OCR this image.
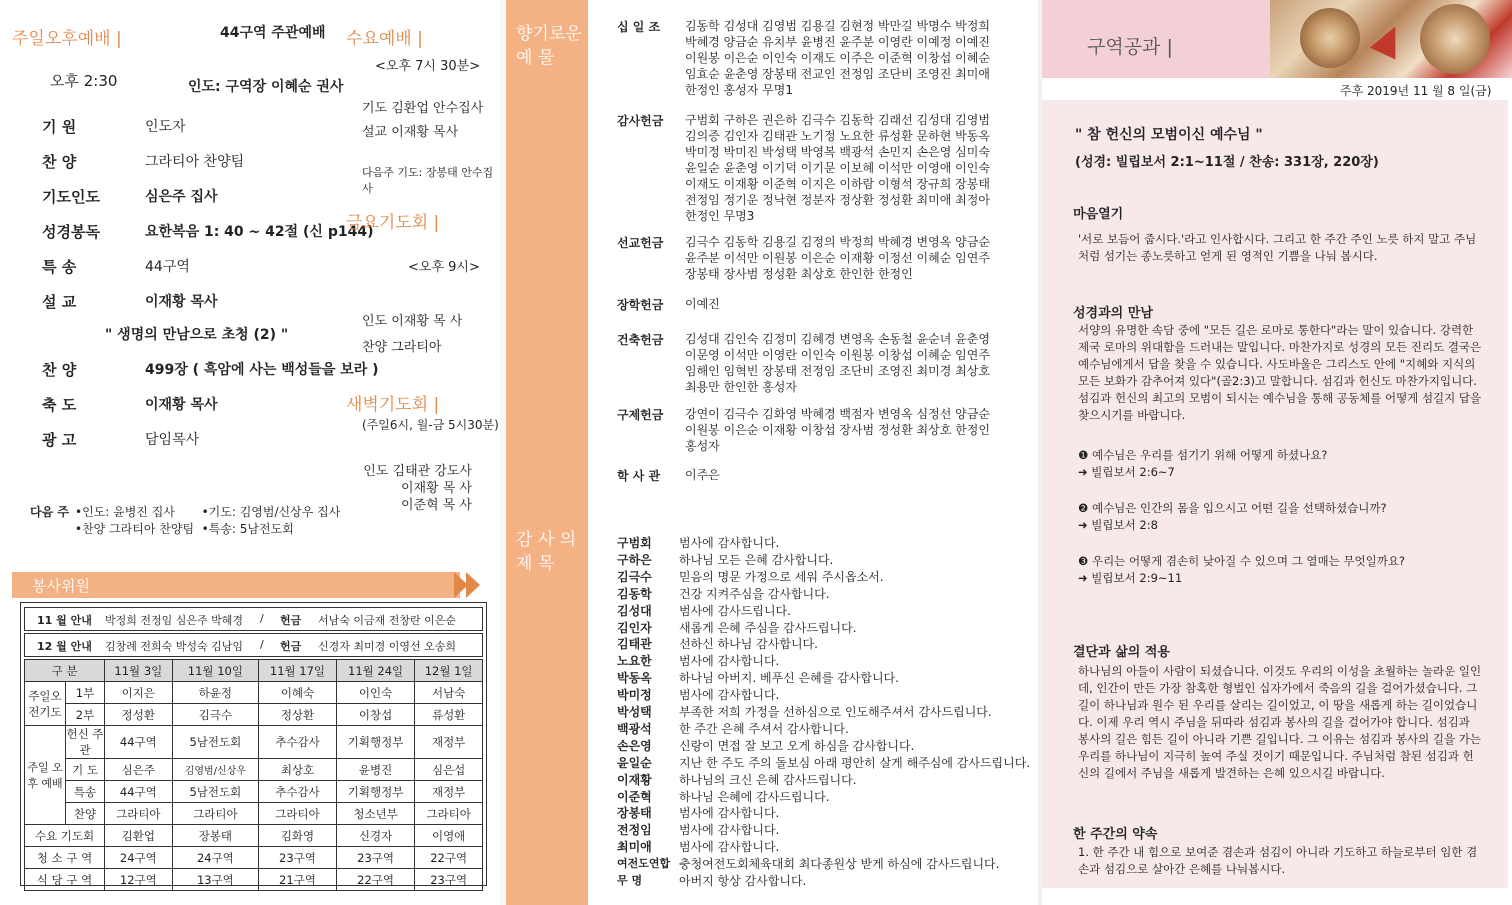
주일오후예배 |	44구역 주관예배
오후 2:30	인도: 구역장 이혜순 권사
기 원	인도자
찬 양	그라티아 찬양팀
기도인도	심은주 집사
성경봉독	요한복음 1: 40 ~ 42절 (신 p144)
특 송	44구역
설 교	이재황 목사
" 생명의 만남으로 초청 (2) "
찬 양	499장 ( 흑암에 사는 백성들을 보라 )
축 도	이재황 목사
광 고	담임목사
다음 주 •인도: 윤병진 집사       •기도: 김영범/신상우 집사
•찬양 그라티아 찬양팀  •특송: 5남전도회
수요예배 |
<오후 7시 30분>
기도 김환업 안수집사
설교 이재황 목사
다음주 기도: 장봉태 안수집사
금요기도회 |
<오후 9시>
인도 이재황 목 사
찬양 그라티아
새벽기도회 |
(주일6시, 월-금 5시30분)
인도 김태관 강도사
이재황 목 사
이준혁 목 사
봉사위원
11 월 안내 박정희 전정임 심은주 박혜경 / 헌금 서남숙 이금재 전창란 이은순
12 월 안내 김창례 전희숙 박성숙 김남임 / 헌금 신경자 최미경 이영선 오송희
구 분		11월 3일	11월 10일	11월 17일	11월 24일	12월 1일
주일오전기도	1부	이지은	하윤정	이혜숙	이인숙	서남숙
	2부	정성환	김극수	정상환	이창섭	류성환
주일 오후 예배	헌신 주관	44구역	5남전도회	추수감사	기획행정부	재정부
	기 도	심은주	김영범/신상우	최상호	윤병진	심은섭
	특송	44구역	5남전도회	추수감사	기획행정부	재정부
	찬양	그라티아	그라티아	그라티아	청소년부	그라티아
수요 기도회		김환업	장봉태	김화영	신경자	이영애
청 소 구 역		24구역	24구역	23구역	23구역	22구역
식 당 구 역		12구역	13구역	21구역	22구역	23구역
향기로운
예 물
감 사 의
제 목
십 일 조	김동학 김성대 김영범 김용길 김현정 박만길 박명수 박정희 박혜경 양금순 유치부 윤병진 윤주분 이영란 이예정 이예진 이원봉 이은순 이인숙 이재도 이주은 이준혁 이창섭 이혜순 임효순 윤춘영 장봉태 전교인 전정임 조단비 조영진 최미애 한정인 홍성자 무명1
감사헌금	구범회 구하은 권은하 김극수 김동학 김래선 김성대 김영범 김의증 김인자 김태관 노기정 노요한 류성환 문하현 박동옥 박미정 박미진 박성택 박영복 백광석 손민지 손은영 심미숙 윤일순 윤춘영 이기덕 이기문 이보혜 이석만 이영애 이인숙 이재도 이재황 이준혁 이지은 이하람 이형석 장규희 장봉태 전정임 정기운 정낙현 정분자 정상환 정성환 최미애 최정아 한정인 무명3
선교헌금	김극수 김동학 김용길 김정의 박정희 박혜경 변영옥 양금순 윤주분 이석만 이원봉 이은순 이재황 이정선 이혜순 임연주 장봉태 장사범 정성환 최상호 한인한 한정인
장학헌금	이예진
건축헌금	김성대 김인숙 김정미 김혜경 변영옥 손동철 윤순녀 윤춘영 이문영 이석만 이영란 이인숙 이원봉 이창섭 이혜순 임연주 임해인 임혁빈 장봉태 전정임 조단비 조영진 최미경 최상호 최용만 한인한 홍성자
구제헌금	강연이 김극수 김화영 박혜경 백점자 변영옥 심정선 양금순 이원봉 이은순 이재황 이창섭 장사범 정성환 최상호 한정인 홍성자
학 사 관	이주은
구범회	범사에 감사합니다.
구하은	하나님 모든 은혜 감사합니다.
김극수	믿음의 명문 가정으로 세워 주시옵소서.
김동학	건강 지켜주심을 감사합니다.
김성대	범사에 감사드립니다.
김인자	새롭게 은혜 주심을 감사드립니다.
김태관	선하신 하나님 감사합니다.
노요한	범사에 감사합니다.
박동옥	하나님 아버지. 베푸신 은혜를 감사합니다.
박미정	범사에 감사합니다.
박성택	부족한 저희 가정을 선하심으로 인도해주셔서 감사드립니다.
백광석	한 주간 은혜 주셔서 감사합니다.
손은영	신랑이 면접 잘 보고 오게 하심을 감사합니다.
윤일순	지난 한 주도 주의 돌보심 아래 평안히 살게 해주심에 감사드립니다.
이재황	하나님의 크신 은혜 감사드립니다.
이준혁	하나님 은혜에 감사드립니다.
장봉태	범사에 감사합니다.
전정임	범사에 감사합니다.
최미애	범사에 감사합니다.
여전도연합 충청여전도회체육대회 최다종원상 받게 하심에 감사드립니다.
무 명	아버지 항상 감사합니다.
구역공과 |
주후 2019년 11 월 8 일(금)
" 참 헌신의 모범이신 예수님 "
(성경: 빌립보서 2:1~11절 / 찬송: 331장, 220장)
마음열기
'서로 보듬어 줍시다.'라고 인사합시다. 그리고 한 주간 주인 노릇 하지 말고 주님 처럼 섬기는 종노릇하고 얻게 된 영적인 기쁨을 나눠 봅시다.
성경과의 만남
서양의 유명한 속담 중에 "모든 길은 로마로 통한다"라는 말이 있습니다. 강력한 제국 로마의 위대함을 드러내는 말입니다. 마찬가지로 성경의 모든 진리도 결국은 예수님에게서 답을 찾을 수 있습니다. 사도바울은 그리스도 안에 "지혜와 지식의 모든 보화가 감추어져 있다"(골2:3)고 말합니다. 섬김과 헌신도 마찬가지입니다. 섬김과 헌신의 최고의 모범이 되시는 예수님을 통해 공동체를 어떻게 섬길지 답을 찾으시기를 바랍니다.
❶ 예수님은 우리를 섬기기 위해 어떻게 하셨나요?
➜ 빌립보서 2:6~7
❷ 예수님은 인간의 몸을 입으시고 어떤 길을 선택하셨습니까?
➜ 빌립보서 2:8
❸ 우리는 어떻게 겸손히 낮아질 수 있으며 그 열매는 무엇일까요?
➜ 빌립보서 2:9~11
결단과 삶의 적용
하나님의 아들이 사람이 되셨습니다. 이것도 우리의 이성을 초월하는 놀라운 일인데, 인간이 만든 가장 참혹한 형벌인 십자가에서 죽음의 길을 걸어가셨습니다. 그 길이 하나님과 원수 된 우리를 살리는 길이었고, 이 땅을 새롭게 하는 길이었습니다. 이제 우리 역시 주님을 뒤따라 섬김과 봉사의 길을 걸어가야 합니다. 섬김과 봉사의 길은 힘든 길이 아니라 기쁜 길입니다. 그 이유는 섬김과 봉사의 길을 가는 우리를 하나님이 지극히 높여 주실 것이기 때문입니다. 주님처럼 참된 섬김과 헌신의 길에서 주님을 새롭게 발견하는 은혜 있으시길 바랍니다.
한 주간의 약속
1. 한 주간 내 힘으로 보여준 겸손과 섬김이 아니라 기도하고 하늘로부터 임한 겸손과 섬김으로 살아간 은혜를 나눠봅시다.
